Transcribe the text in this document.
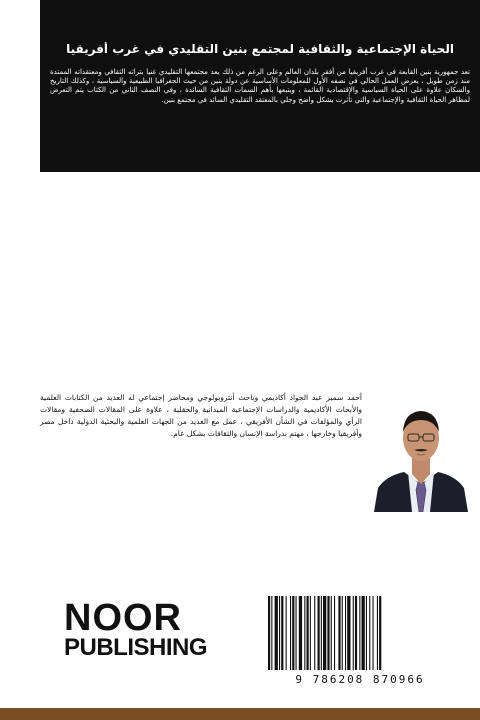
الحياة الإجتماعية والثقافية لمجتمع بنين التقليدي في غرب أفريقيا

تعد جمهورية بنين القابعة في غرب أفريقيا من أفقر بلدان العالم وعلى الرغم من ذلك يعد مجتمعها التقليدي غنيا بتراثه الثقافي ومعتقداته الممتدة منذ زمن طويل ، يعرض العمل الحالي في نصفه الأول للمعلومات الأساسية عن دولة بنين من حيث الجغرافيا الطبيعية والسياسية ، وكذلك التاريخ والسكان علاوة على الحياة السياسية والإقتصادية القائمة ، ويتبعها بأهم السمات الثقافية السائدة ، وفي النصف الثاني من الكتاب يتم التعرض لمظاهر الحياة الثقافية والإجتماعية والتي تأثرت بشكل واضح وجلي بالمعتقد التقليدي السائد في مجتمع بنين.

أحمد سمير عبد الجواد أكاديمي وباحث أنثروبولوجي ومحاضر إجتماعي له العديد من الكتابات العلمية والأبحاث الأكاديمية والدراسات الإجتماعية الميدانية والحقلية ، علاوة على المقالات الصحفية ومقالات الرأي والمؤلفات في الشأن الأفريقي ، عمل مع العديد من الجهات العلمية والبحثية الدولية داخل مصر وأفريقيا وخارجها ، مهتم بدراسة الإنسان والثقافات بشكل عام.
NOOR
PUBLISHING
9 786208 870966
